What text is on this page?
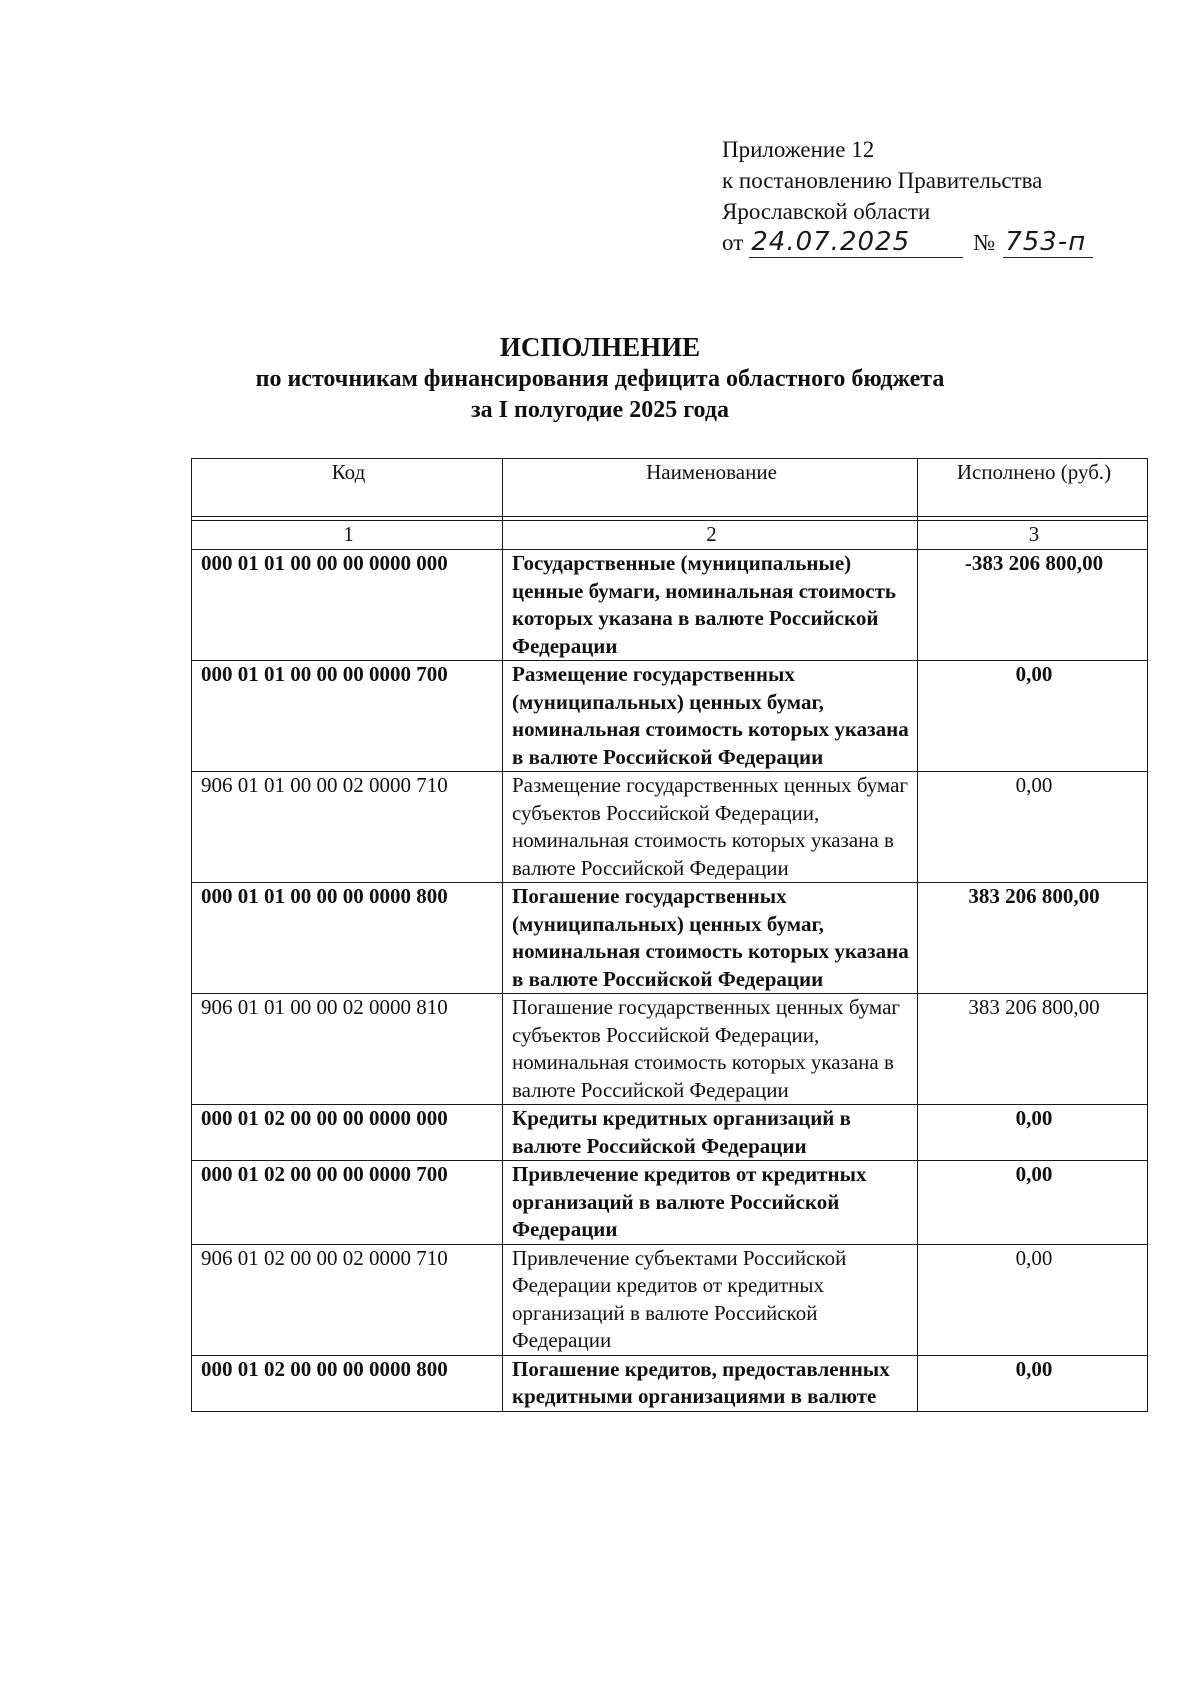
Приложение 12
к постановлению Правительства
Ярославской области
от 24.07.2025	№ 753-п
ИСПОЛНЕНИЕ
по источникам финансирования дефицита областного бюджета
за I полугодие 2025 года
Код	Наименование	Исполнено (руб.)

1	2	3
000 01 01 00 00 00 0000 000	Государственные (муниципальные) ценные бумаги, номинальная стоимость которых указана в валюте Российской Федерации	-383 206 800,00
000 01 01 00 00 00 0000 700	Размещение государственных (муниципальных) ценных бумаг, номинальная стоимость которых указана в валюте Российской Федерации	0,00
906 01 01 00 00 02 0000 710	Размещение государственных ценных бумаг субъектов Российской Федерации, номинальная стоимость которых указана в валюте Российской Федерации	0,00
000 01 01 00 00 00 0000 800	Погашение государственных (муниципальных) ценных бумаг, номинальная стоимость которых указана в валюте Российской Федерации	383 206 800,00
906 01 01 00 00 02 0000 810	Погашение государственных ценных бумаг субъектов Российской Федерации, номинальная стоимость которых указана в валюте Российской Федерации	383 206 800,00
000 01 02 00 00 00 0000 000	Кредиты кредитных организаций в валюте Российской Федерации	0,00
000 01 02 00 00 00 0000 700	Привлечение кредитов от кредитных организаций в валюте Российской Федерации	0,00
906 01 02 00 00 02 0000 710	Привлечение субъектами Российской Федерации кредитов от кредитных организаций в валюте Российской Федерации	0,00
000 01 02 00 00 00 0000 800	Погашение кредитов, предоставленных кредитными организациями в валюте	0,00
